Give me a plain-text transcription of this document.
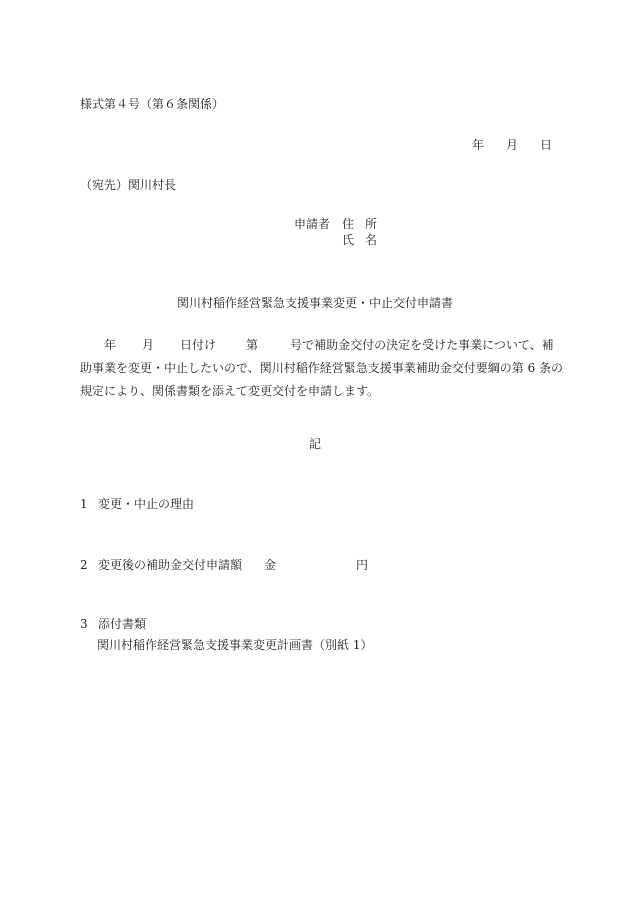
様式第４号（第６条関係）
年 月 日
（宛先）関川村長
申請者 住 所
氏 名
関川村稲作経営緊急支援事業変更・中止交付申請書
年 月 日付け	第	号で補助金交付の決定を受けた事業について、補
助事業を変更・中止したいので、関川村稲作経営緊急支援事業補助金交付要綱の第 6 条の
規定により、関係書類を添えて変更交付を申請します。
記
1 変更・中止の理由
2 変更後の補助金交付申請額 金	円
3 添付書類
関川村稲作経営緊急支援事業変更計画書（別紙 1）
